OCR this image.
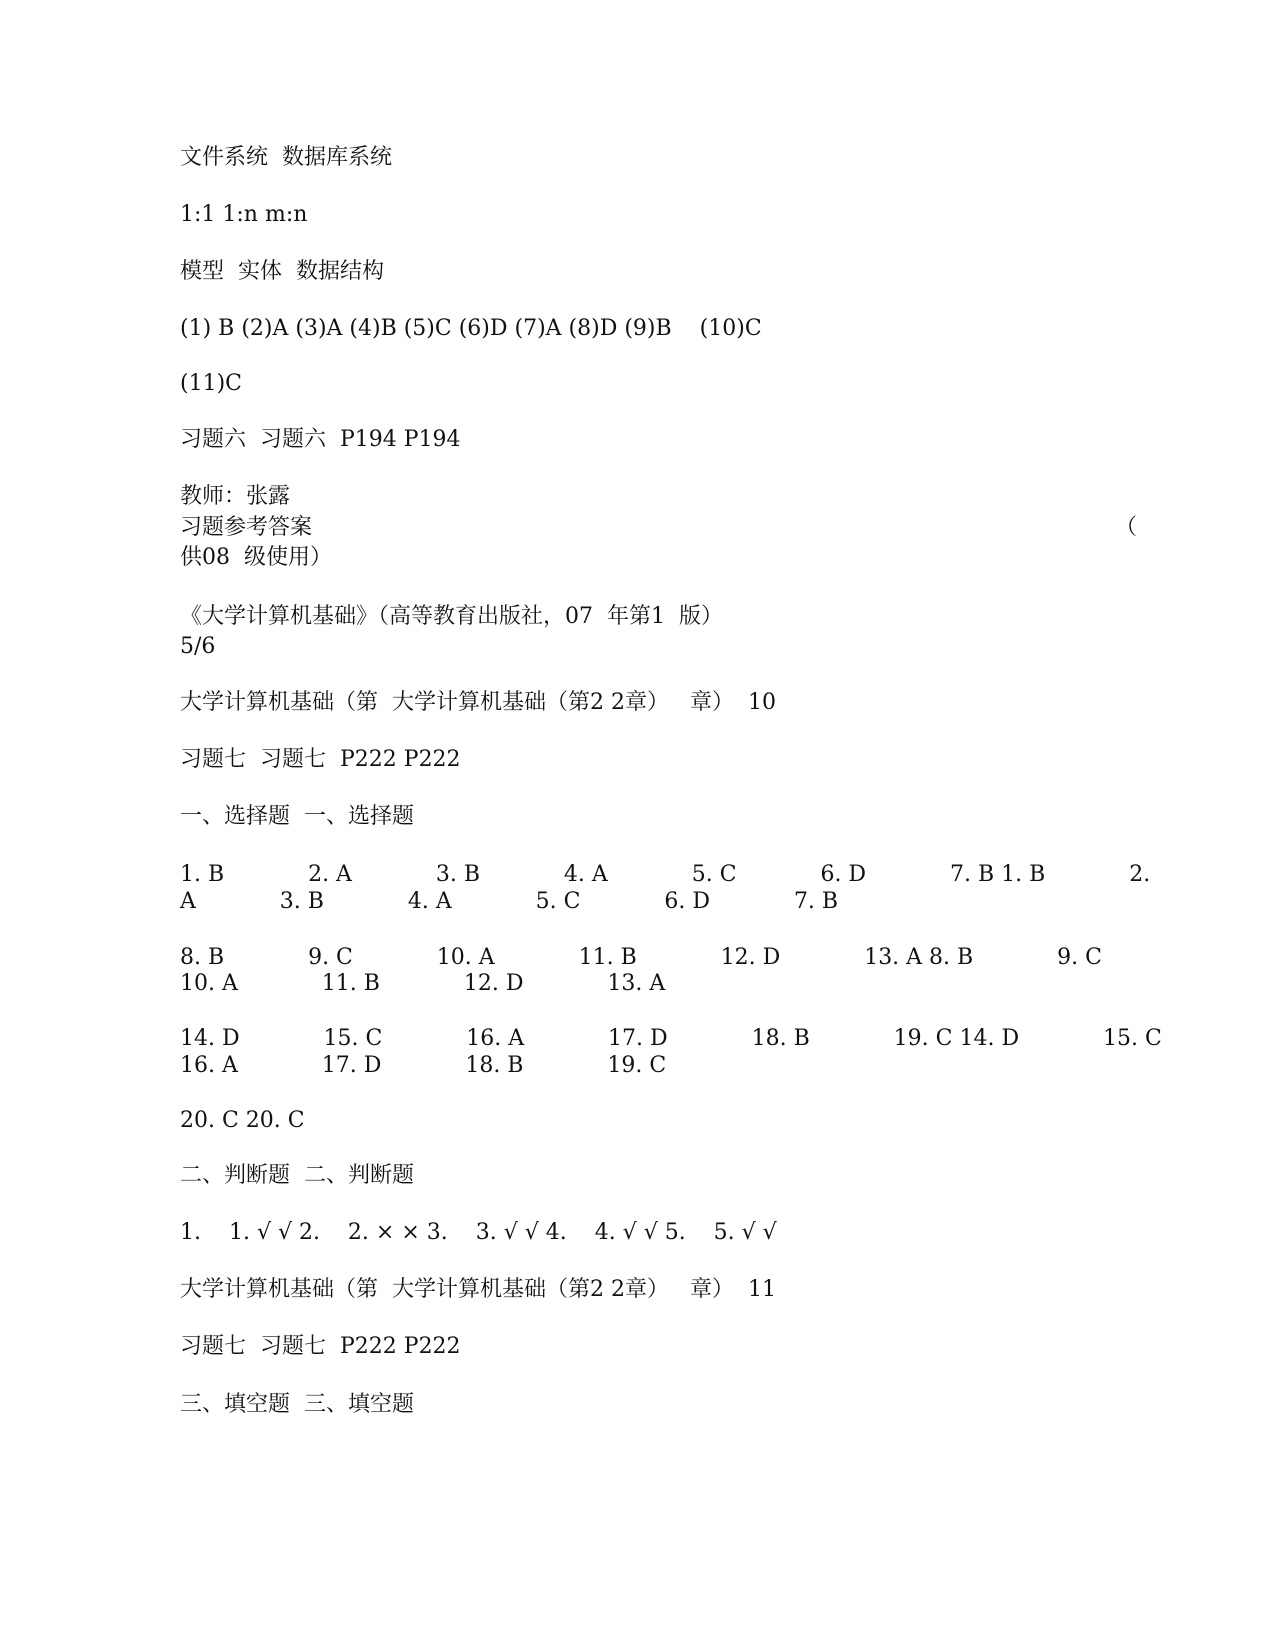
文件系统  数据库系统
1:1 1:n m:n
模型  实体  数据结构
(1) B (2)A (3)A (4)B (5)C (6)D (7)A (8)D (9)B    (10)C
(11)C
习题六  习题六  P194 P194
教师：张露
习题参考答案	（
供08  级使用）
《大学计算机基础》（高等教育出版社，07  年第1  版）
5/6
大学计算机基础（第  大学计算机基础（第2 2章）   章）  10
习题七  习题七  P222 P222
一、选择题  一、选择题
1. B            2. A            3. B            4. A            5. C            6. D            7. B 1. B            2.
A            3. B            4. A            5. C            6. D            7. B
8. B            9. C            10. A            11. B            12. D            13. A 8. B            9. C
10. A            11. B            12. D            13. A
14. D            15. C            16. A            17. D            18. B            19. C 14. D            15. C
16. A            17. D            18. B            19. C
20. C 20. C
二、判断题  二、判断题
1.    1. √ √ 2.    2. × × 3.    3. √ √ 4.    4. √ √ 5.    5. √ √
大学计算机基础（第  大学计算机基础（第2 2章）   章）  11
习题七  习题七  P222 P222
三、填空题  三、填空题
